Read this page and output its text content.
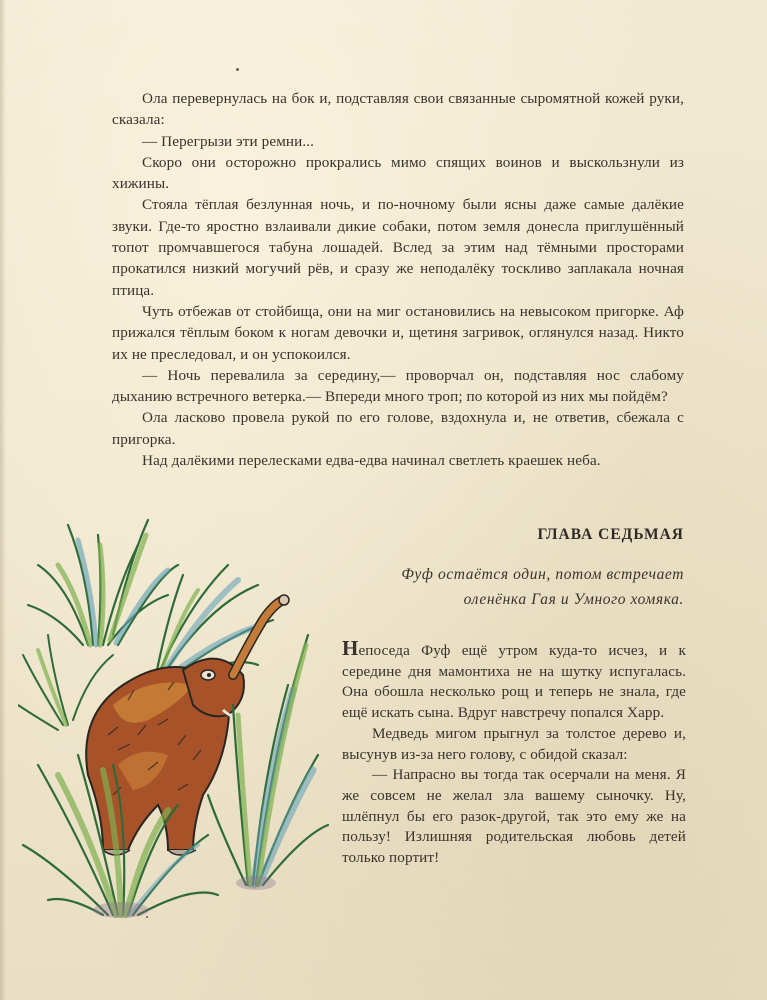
Ола перевернулась на бок и, подставляя свои связанные сыромятной кожей руки, сказала:

— Перегрызи эти ремни...

Скоро они осторожно прокрались мимо спящих воинов и выскользнули из хижины.

Стояла тёплая безлунная ночь, и по-ночному были ясны даже самые далёкие звуки. Где-то яростно взлаивали дикие собаки, потом земля донесла приглушённый топот промчавшегося табуна лошадей. Вслед за этим над тёмными просторами прокатился низкий могучий рёв, и сразу же неподалёку тоскливо заплакала ночная птица.

Чуть отбежав от стойбища, они на миг остановились на невысоком пригорке. Аф прижался тёплым боком к ногам девочки и, щетиня загривок, оглянулся назад. Никто их не преследовал, и он успокоился.

— Ночь перевалила за середину,— проворчал он, подставляя нос слабому дыханию встречного ветерка.— Впереди много троп; по которой из них мы пойдём?

Ола ласково провела рукой по его голове, вздохнула и, не ответив, сбежала с пригорка.

Над далёкими перелесками едва-едва начинал светлеть краешек неба.

ГЛАВА СЕДЬМАЯ
Фуф остаётся один, потом встречает
оленёнка Гая и Умного хомяка.

Непоседа Фуф ещё утром куда-то исчез, и к середине дня мамонтиха не на шутку испугалась. Она обошла несколько рощ и теперь не знала, где ещё искать сына. Вдруг навстречу попался Харр.

Медведь мигом прыгнул за толстое дерево и, высунув из-за него голову, с обидой сказал:

— Напрасно вы тогда так осерчали на меня. Я же совсем не желал зла вашему сыночку. Ну, шлёпнул бы его разок-другой, так это ему же на пользу! Излишняя родительская любовь детей только портит!
